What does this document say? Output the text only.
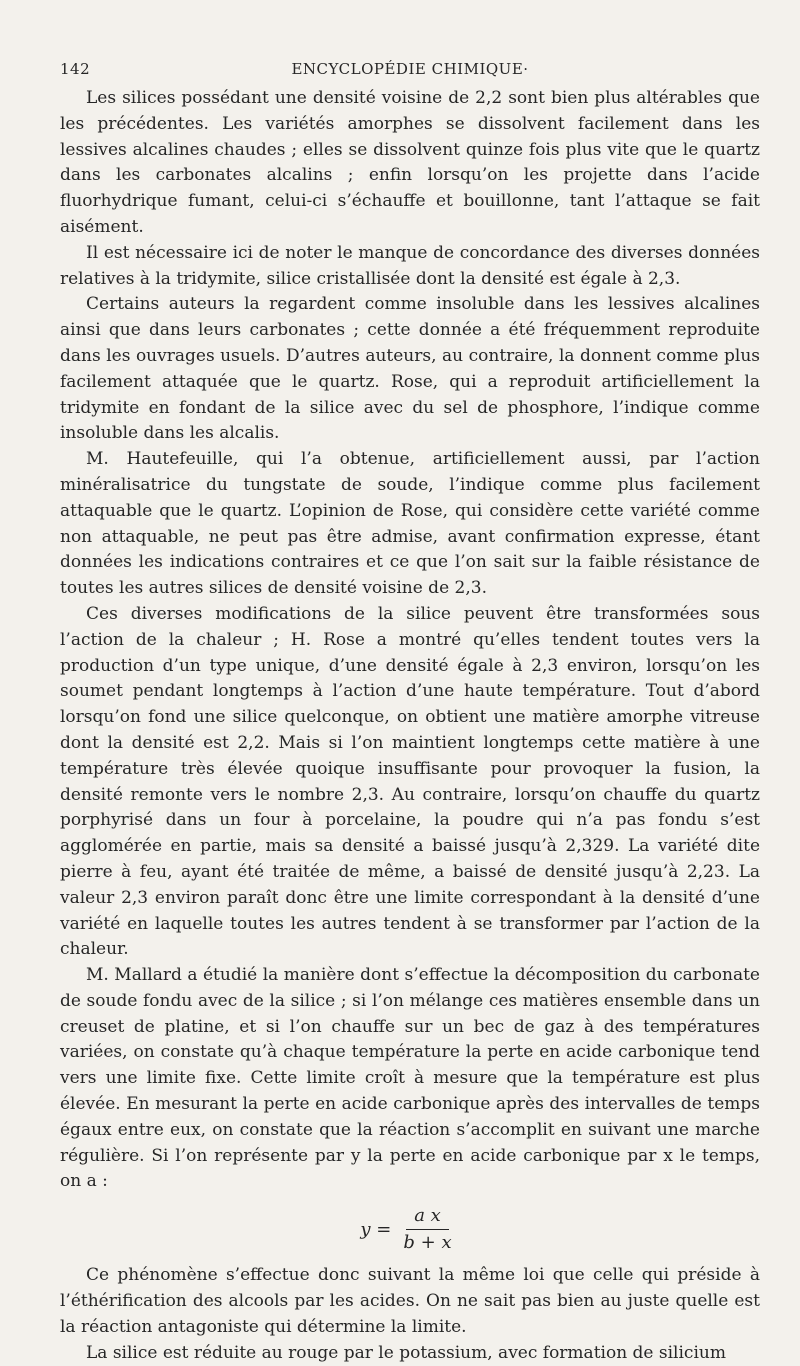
142	ENCYCLOPÉDIE CHIMIQUE·

Les silices possédant une densité voisine de 2,2 sont bien plus altérables que les précédentes. Les variétés amorphes se dissolvent facilement dans les lessives alcalines chaudes ; elles se dissolvent quinze fois plus vite que le quartz dans les carbonates alcalins ; enfin lorsqu’on les projette dans l’acide fluorhydrique fumant, celui-ci s’échauffe et bouillonne, tant l’attaque se fait aisément.

Il est nécessaire ici de noter le manque de concordance des diverses données relatives à la tridymite, silice cristallisée dont la densité est égale à 2,3.

Certains auteurs la regardent comme insoluble dans les lessives alcalines ainsi que dans leurs carbonates ; cette donnée a été fréquemment reproduite dans les ouvrages usuels. D’autres auteurs, au contraire, la donnent comme plus facilement attaquée que le quartz. Rose, qui a reproduit artificiellement la tridymite en fondant de la silice avec du sel de phosphore, l’indique comme insoluble dans les alcalis.

M. Hautefeuille, qui l’a obtenue, artificiellement aussi, par l’action minéralisatrice du tungstate de soude, l’indique comme plus facilement attaquable que le quartz. L’opinion de Rose, qui considère cette variété comme non attaquable, ne peut pas être admise, avant confirmation expresse, étant données les indications contraires et ce que l’on sait sur la faible résistance de toutes les autres silices de densité voisine de 2,3.

Ces diverses modifications de la silice peuvent être transformées sous l’action de la chaleur ; H. Rose a montré qu’elles tendent toutes vers la production d’un type unique, d’une densité égale à 2,3 environ, lorsqu’on les soumet pendant longtemps à l’action d’une haute température. Tout d’abord lorsqu’on fond une silice quelconque, on obtient une matière amorphe vitreuse dont la densité est 2,2. Mais si l’on maintient longtemps cette matière à une température très élevée quoique insuffisante pour provoquer la fusion, la densité remonte vers le nombre 2,3. Au contraire, lorsqu’on chauffe du quartz porphyrisé dans un four à porcelaine, la poudre qui n’a pas fondu s’est agglomérée en partie, mais sa densité a baissé jusqu’à 2,329. La variété dite pierre à feu, ayant été traitée de même, a baissé de densité jusqu’à 2,23. La valeur 2,3 environ paraît donc être une limite correspondant à la densité d’une variété en laquelle toutes les autres tendent à se transformer par l’action de la chaleur.

M. Mallard a étudié la manière dont s’effectue la décomposition du carbonate de soude fondu avec de la silice ; si l’on mélange ces matières ensemble dans un creuset de platine, et si l’on chauffe sur un bec de gaz à des températures variées, on constate qu’à chaque température la perte en acide carbonique tend vers une limite fixe. Cette limite croît à mesure que la température est plus élevée. En mesurant la perte en acide carbonique après des intervalles de temps égaux entre eux, on constate que la réaction s’accomplit en suivant une marche régulière. Si l’on représente par y la perte en acide carbonique par x le temps, on a :

$y = \frac{\text{a x}}{b + x}$

Ce phénomène s’effectue donc suivant la même loi que celle qui préside à l’éthérification des alcools par les acides. On ne sait pas bien au juste quelle est la réaction antagoniste qui détermine la limite.

La silice est réduite au rouge par le potassium, avec formation de silicium
